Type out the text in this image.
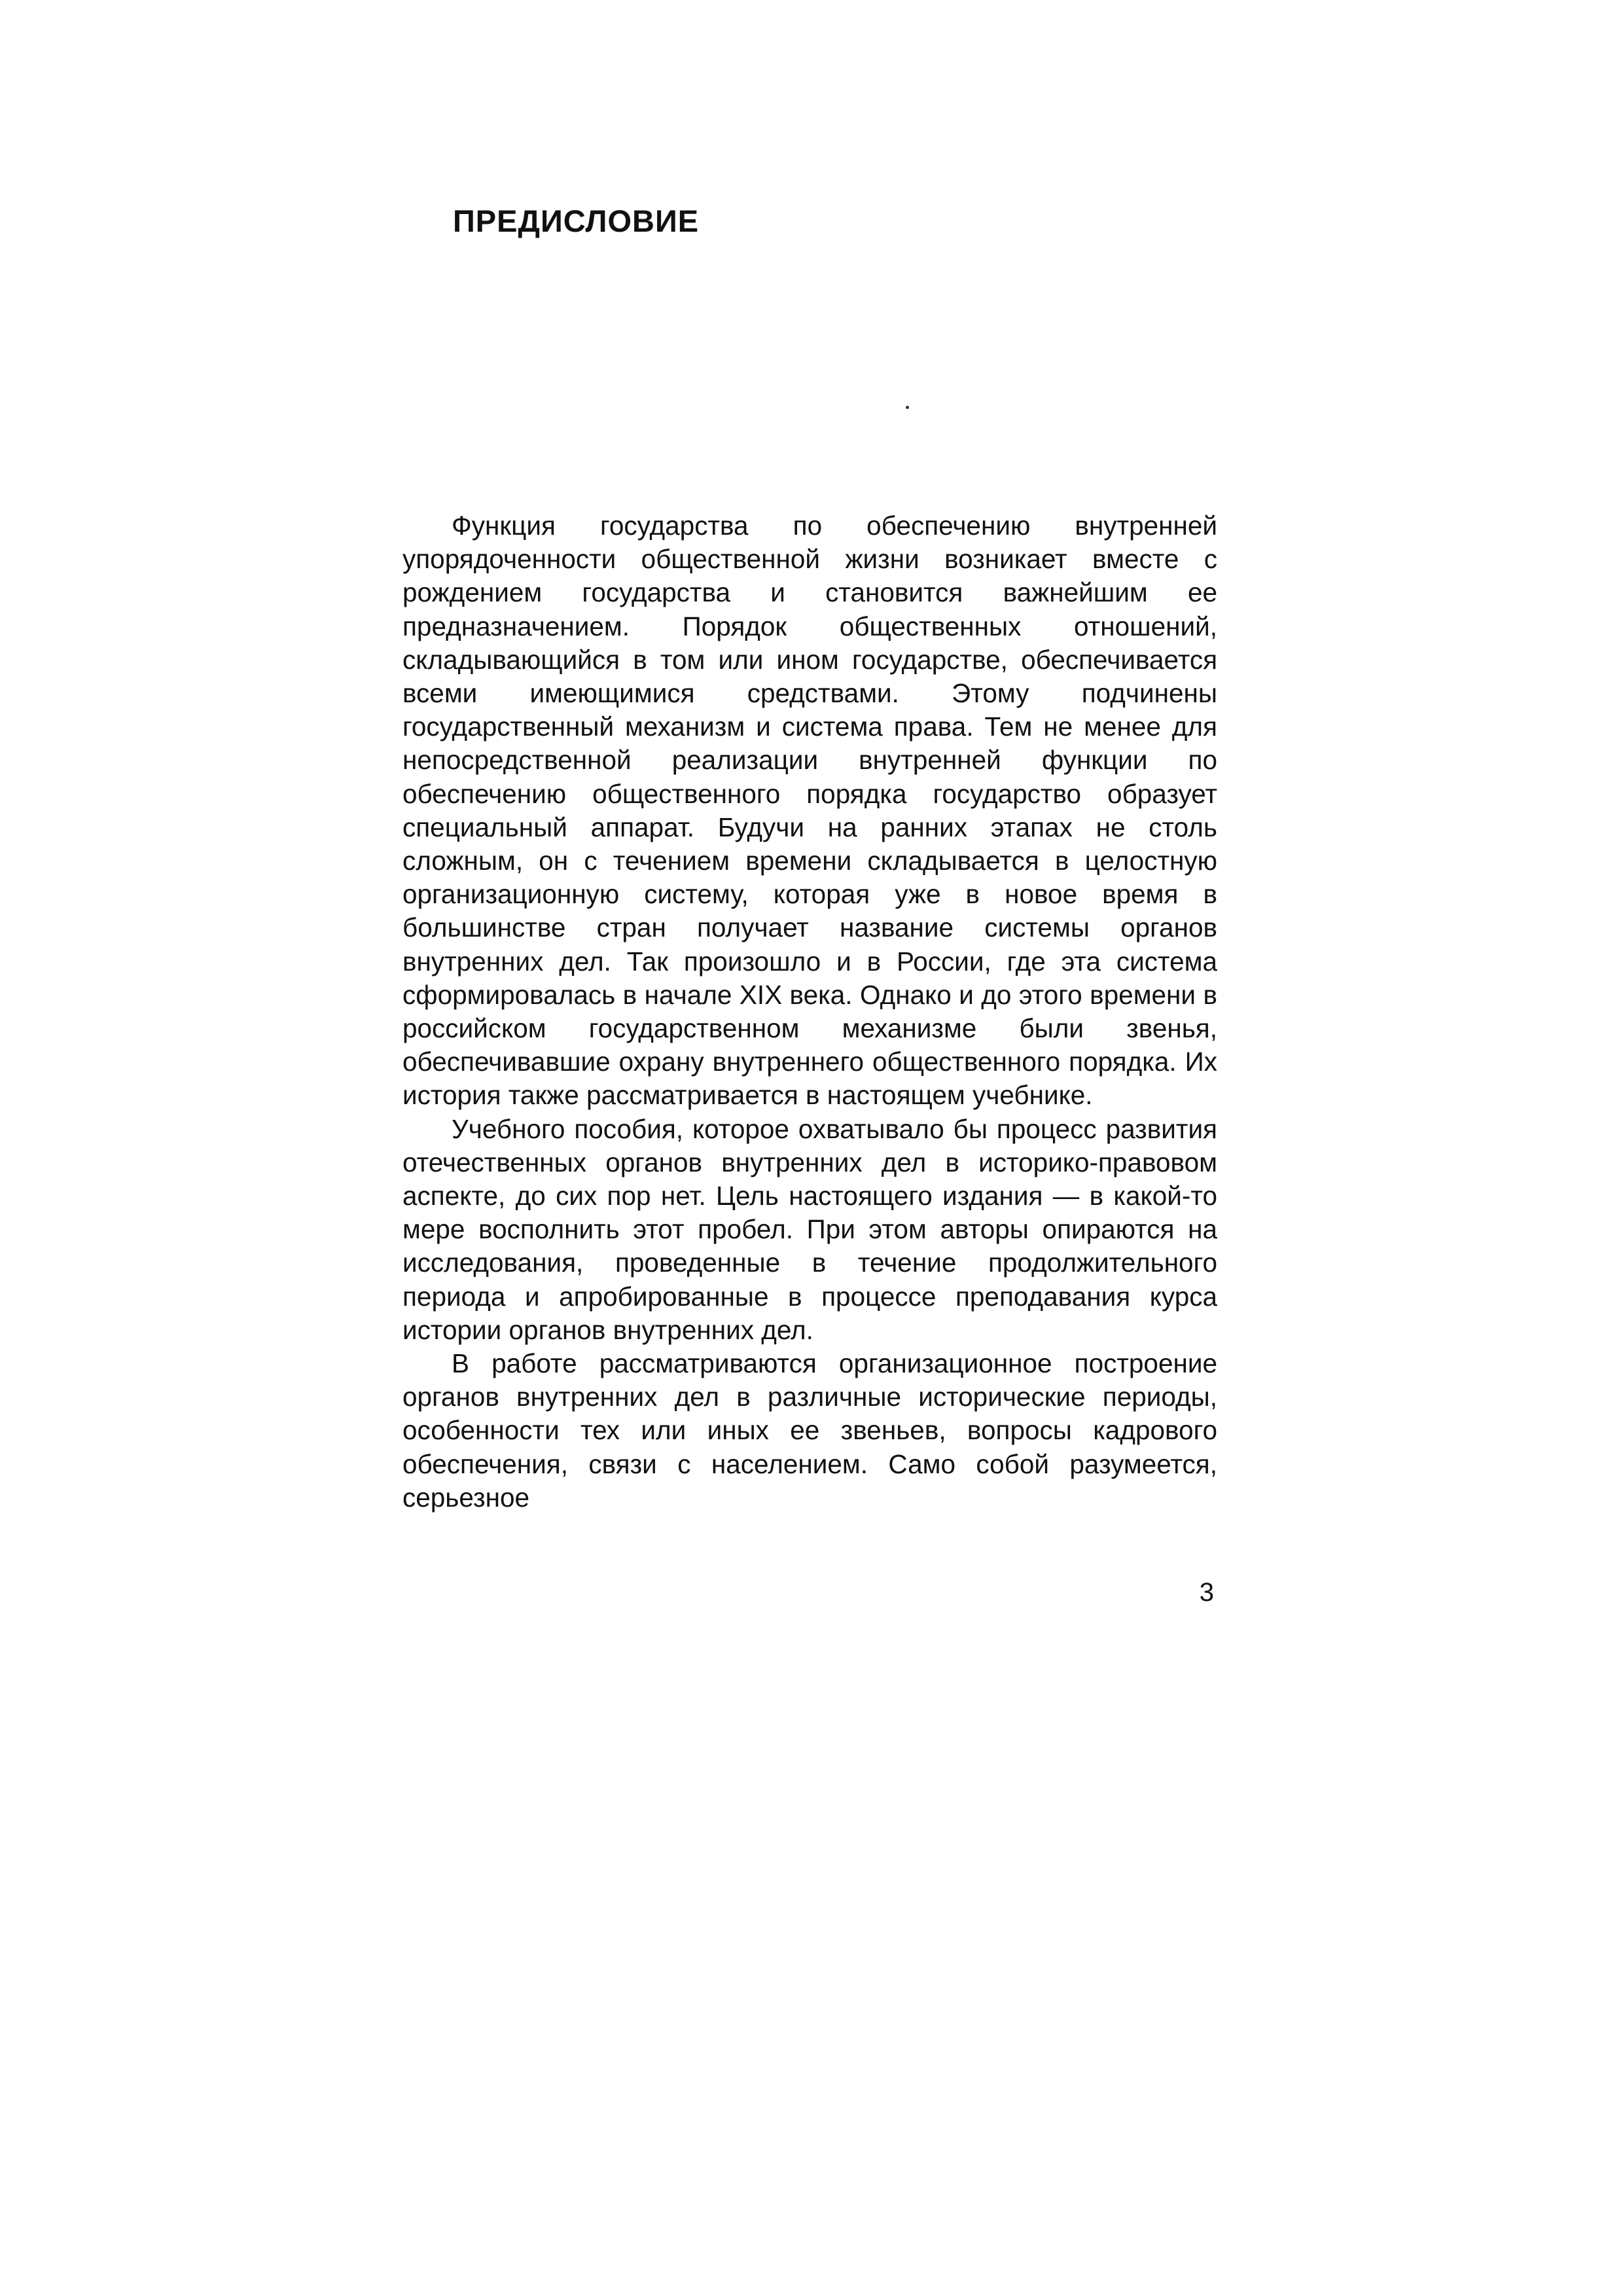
ПРЕДИСЛОВИЕ

Функция государства по обеспечению внутренней упорядоченности общественной жизни возникает вместе с рождением государства и становится важнейшим ее предназначением. Порядок общественных отношений, складывающийся в том или ином государстве, обеспечивается всеми имеющимися средствами. Этому подчинены государственный механизм и система права. Тем не менее для непосредственной реализации внутренней функции по обеспечению общественного порядка государство образует специальный аппарат. Будучи на ранних этапах не столь сложным, он с течением времени складывается в целостную организационную систему, которая уже в новое время в большинстве стран получает название системы органов внутренних дел. Так произошло и в России, где эта система сформировалась в начале XIX века. Однако и до этого времени в российском государственном механизме были звенья, обеспечивавшие охрану внутреннего общественного порядка. Их история также рассматривается в настоящем учебнике.

Учебного пособия, которое охватывало бы процесс развития отечественных органов внутренних дел в историко-правовом аспекте, до сих пор нет. Цель настоящего издания — в какой-то мере восполнить этот пробел. При этом авторы опираются на исследования, проведенные в течение продолжительного периода и апробированные в процессе преподавания курса истории органов внутренних дел.

В работе рассматриваются организационное построение органов внутренних дел в различные исторические периоды, особенности тех или иных ее звеньев, вопросы кадрового обеспечения, связи с населением. Само собой разумеется, серьезное

3
